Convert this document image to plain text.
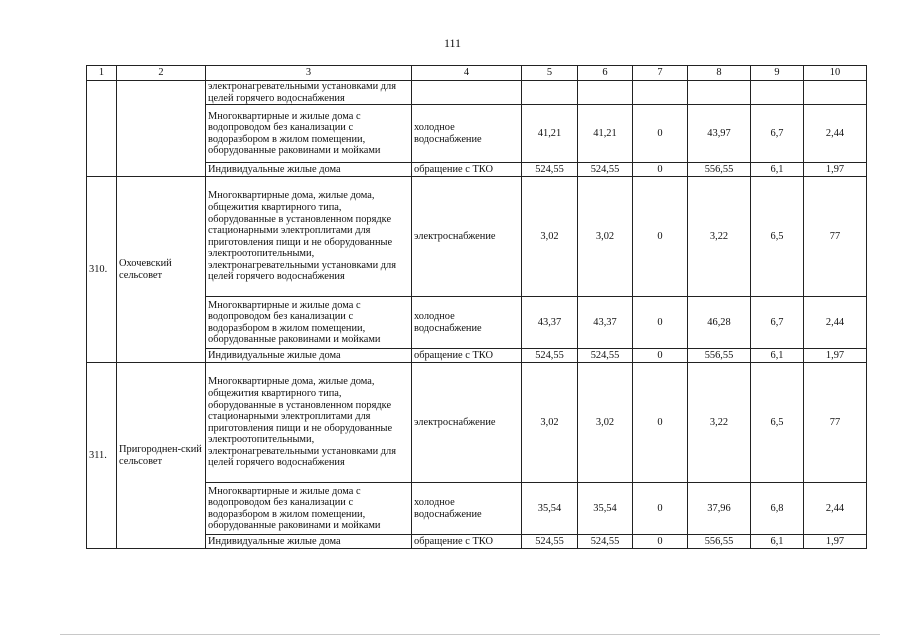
111
1	2	3	4	5	6	7	8	9	10
		электронагревательными установками для целей горячего водоснабжения							
		Многоквартирные и жилые дома с водопроводом без канализации с водоразбором в жилом помещении, оборудованные раковинами и мойками	холодное водоснабжение	41,21	41,21	0	43,97	6,7	2,44
		Индивидуальные жилые дома	обращение с ТКО	524,55	524,55	0	556,55	6,1	1,97
310.	Охочевский сельсовет	Многоквартирные дома, жилые дома, общежития квартирного типа, оборудованные в установленном порядке стационарными электроплитами для приготовления пищи и не оборудованные электроотопительными, электронагревательными установками для целей горячего водоснабжения	электроснабжение	3,02	3,02	0	3,22	6,5	77
		Многоквартирные и жилые дома с водопроводом без канализации с водоразбором в жилом помещении, оборудованные раковинами и мойками	холодное водоснабжение	43,37	43,37	0	46,28	6,7	2,44
		Индивидуальные жилые дома	обращение с ТКО	524,55	524,55	0	556,55	6,1	1,97
311.	Пригороднен-ский сельсовет	Многоквартирные дома, жилые дома, общежития квартирного типа, оборудованные в установленном порядке стационарными электроплитами для приготовления пищи и не оборудованные электроотопительными, электронагревательными установками для целей горячего водоснабжения	электроснабжение	3,02	3,02	0	3,22	6,5	77
		Многоквартирные и жилые дома с водопроводом без канализации с водоразбором в жилом помещении, оборудованные раковинами и мойками	холодное водоснабжение	35,54	35,54	0	37,96	6,8	2,44
		Индивидуальные жилые дома	обращение с ТКО	524,55	524,55	0	556,55	6,1	1,97
